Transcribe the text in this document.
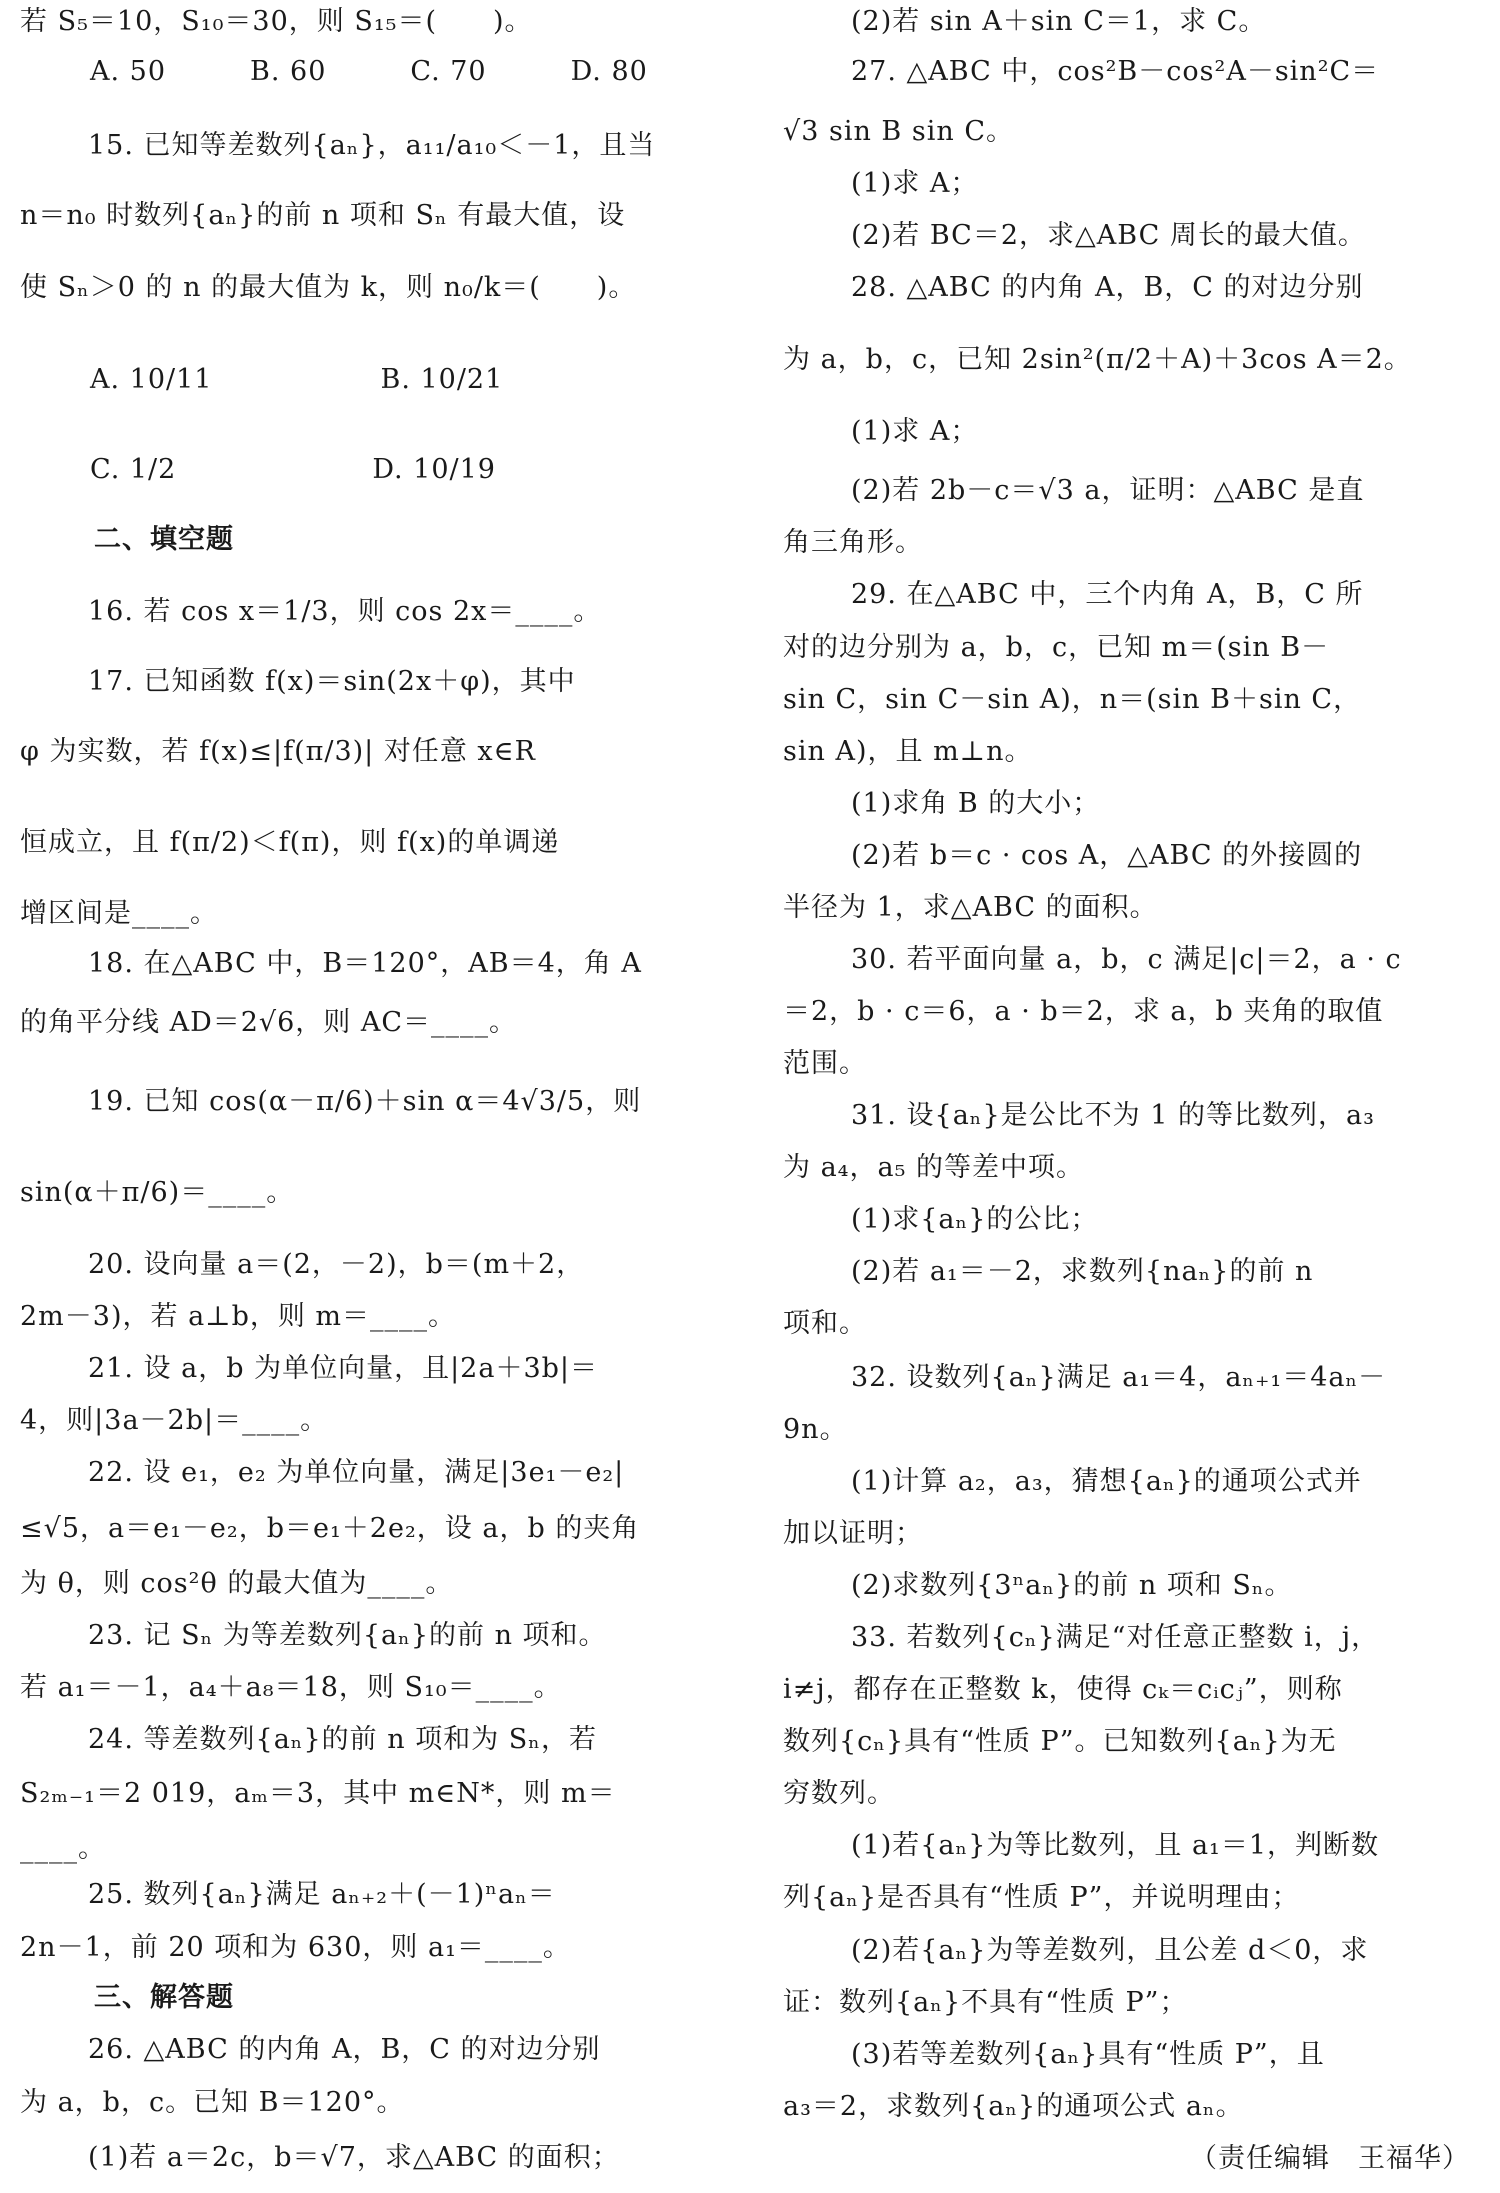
若 S₅＝10，S₁₀＝30，则 S₁₅＝(　　)。
A. 50　　　B. 60　　　C. 70　　　D. 80
15. 已知等差数列{aₙ}，a₁₁/a₁₀＜－1，且当
n＝n₀ 时数列{aₙ}的前 n 项和 Sₙ 有最大值，设
使 Sₙ＞0 的 n 的最大值为 k，则 n₀/k＝(　　)。
A. 10/11　　　　　　B. 10/21
C. 1/2　　　　　　　D. 10/19
二、填空题
16. 若 cos x＝1/3，则 cos 2x＝____。
17. 已知函数 f(x)＝sin(2x＋φ)，其中
φ 为实数，若 f(x)≤|f(π/3)| 对任意 x∈R
恒成立，且 f(π/2)＜f(π)，则 f(x)的单调递
增区间是____。
18. 在△ABC 中，B＝120°，AB＝4，角 A
的角平分线 AD＝2√6，则 AC＝____。
19. 已知 cos(α－π/6)＋sin α＝4√3/5，则
sin(α＋π/6)＝____。
20. 设向量 a＝(2，－2)，b＝(m＋2，
2m－3)，若 a⊥b，则 m＝____。
21. 设 a，b 为单位向量，且|2a＋3b|＝
4，则|3a－2b|＝____。
22. 设 e₁，e₂ 为单位向量，满足|3e₁－e₂|
≤√5，a＝e₁－e₂，b＝e₁＋2e₂，设 a，b 的夹角
为 θ，则 cos²θ 的最大值为____。
23. 记 Sₙ 为等差数列{aₙ}的前 n 项和。
若 a₁＝－1，a₄＋a₈＝18，则 S₁₀＝____。
24. 等差数列{aₙ}的前 n 项和为 Sₙ，若
S₂ₘ₋₁＝2 019，aₘ＝3，其中 m∈N*，则 m＝
____。
25. 数列{aₙ}满足 aₙ₊₂＋(－1)ⁿaₙ＝
2n－1，前 20 项和为 630，则 a₁＝____。
三、解答题
26. △ABC 的内角 A，B，C 的对边分别
为 a，b，c。已知 B＝120°。
(1)若 a＝2c，b＝√7，求△ABC 的面积；
(2)若 sin A＋sin C＝1，求 C。
27. △ABC 中，cos²B－cos²A－sin²C＝
√3 sin B sin C。
(1)求 A；
(2)若 BC＝2，求△ABC 周长的最大值。
28. △ABC 的内角 A，B，C 的对边分别
为 a，b，c，已知 2sin²(π/2＋A)＋3cos A＝2。
(1)求 A；
(2)若 2b－c＝√3 a，证明：△ABC 是直
角三角形。
29. 在△ABC 中，三个内角 A，B，C 所
对的边分别为 a，b，c，已知 m＝(sin B－
sin C，sin C－sin A)，n＝(sin B＋sin C，
sin A)，且 m⊥n。
(1)求角 B 的大小；
(2)若 b＝c · cos A，△ABC 的外接圆的
半径为 1，求△ABC 的面积。
30. 若平面向量 a，b，c 满足|c|＝2，a · c
＝2，b · c＝6，a · b＝2，求 a，b 夹角的取值
范围。
31. 设{aₙ}是公比不为 1 的等比数列，a₃
为 a₄，a₅ 的等差中项。
(1)求{aₙ}的公比；
(2)若 a₁＝－2，求数列{naₙ}的前 n
项和。
32. 设数列{aₙ}满足 a₁＝4，aₙ₊₁＝4aₙ－
9n。
(1)计算 a₂，a₃，猜想{aₙ}的通项公式并
加以证明；
(2)求数列{3ⁿaₙ}的前 n 项和 Sₙ。
33. 若数列{cₙ}满足“对任意正整数 i，j，
i≠j，都存在正整数 k，使得 cₖ＝cᵢcⱼ”，则称
数列{cₙ}具有“性质 P”。已知数列{aₙ}为无
穷数列。
(1)若{aₙ}为等比数列，且 a₁＝1，判断数
列{aₙ}是否具有“性质 P”，并说明理由；
(2)若{aₙ}为等差数列，且公差 d＜0，求
证：数列{aₙ}不具有“性质 P”；
(3)若等差数列{aₙ}具有“性质 P”，且
a₃＝2，求数列{aₙ}的通项公式 aₙ。
（责任编辑　王福华）
